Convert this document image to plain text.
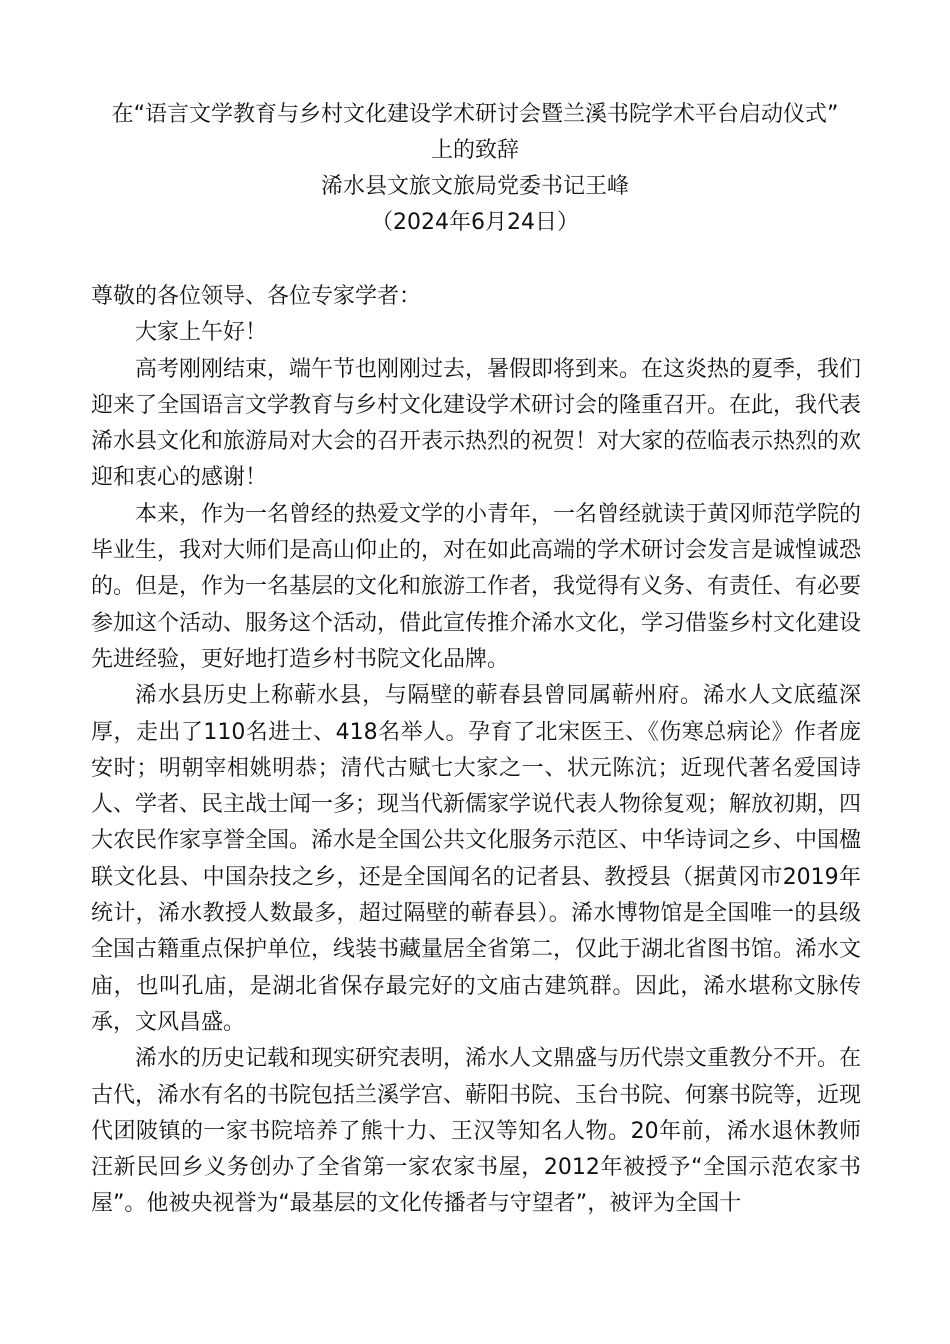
在“语言文学教育与乡村文化建设学术研讨会暨兰溪书院学术平台启动仪式”
上的致辞
浠水县文旅文旅局党委书记王峰
（2024年6月24日）

尊敬的各位领导、各位专家学者：

大家上午好！

高考刚刚结束，端午节也刚刚过去，暑假即将到来。在这炎热的夏季，我们迎来了全国语言文学教育与乡村文化建设学术研讨会的隆重召开。在此，我代表浠水县文化和旅游局对大会的召开表示热烈的祝贺！对大家的莅临表示热烈的欢迎和衷心的感谢！

本来，作为一名曾经的热爱文学的小青年，一名曾经就读于黄冈师范学院的毕业生，我对大师们是高山仰止的，对在如此高端的学术研讨会发言是诚惶诚恐的。但是，作为一名基层的文化和旅游工作者，我觉得有义务、有责任、有必要参加这个活动、服务这个活动，借此宣传推介浠水文化，学习借鉴乡村文化建设先进经验，更好地打造乡村书院文化品牌。

浠水县历史上称蕲水县，与隔壁的蕲春县曾同属蕲州府。浠水人文底蕴深厚，走出了110名进士、418名举人。孕育了北宋医王、《伤寒总病论》作者庞安时；明朝宰相姚明恭；清代古赋七大家之一、状元陈沆；近现代著名爱国诗人、学者、民主战士闻一多；现当代新儒家学说代表人物徐复观；解放初期，四大农民作家享誉全国。浠水是全国公共文化服务示范区、中华诗词之乡、中国楹联文化县、中国杂技之乡，还是全国闻名的记者县、教授县（据黄冈市2019年统计，浠水教授人数最多，超过隔壁的蕲春县）。浠水博物馆是全国唯一的县级全国古籍重点保护单位，线装书藏量居全省第二，仅此于湖北省图书馆。浠水文庙，也叫孔庙，是湖北省保存最完好的文庙古建筑群。因此，浠水堪称文脉传承，文风昌盛。

浠水的历史记载和现实研究表明，浠水人文鼎盛与历代崇文重教分不开。在古代，浠水有名的书院包括兰溪学宫、蕲阳书院、玉台书院、何寨书院等，近现代团陂镇的一家书院培养了熊十力、王汉等知名人物。20年前，浠水退休教师汪新民回乡义务创办了全省第一家农家书屋，2012年被授予“全国示范农家书屋”。他被央视誉为“最基层的文化传播者与守望者”，被评为全国十
